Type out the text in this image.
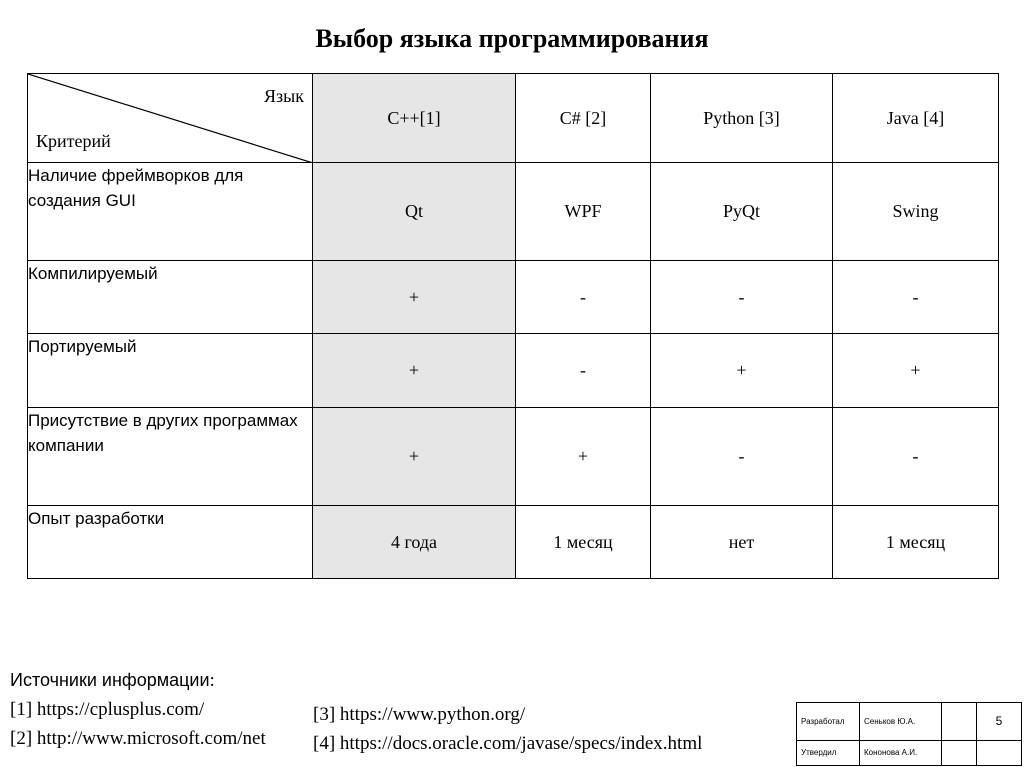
Выбор языка программирования
Язык
Критерий	C++[1]	C# [2]	Python [3]	Java [4]
Наличие фреймворков для создания GUI	Qt	WPF	PyQt	Swing
Компилируемый	+	-	-	-
Портируемый	+	-	+	+
Присутствие в других программах компании	+	+	-	-
Опыт разработки	4 года	1 месяц	нет	1 месяц
Источники информации:
[1] https://cplusplus.com/
[2] http://www.microsoft.com/net
[3] https://www.python.org/
[4] https://docs.oracle.com/javase/specs/index.html
Разработал	Сеньков Ю.А.		5
Утвердил	Кононова А.И.		
